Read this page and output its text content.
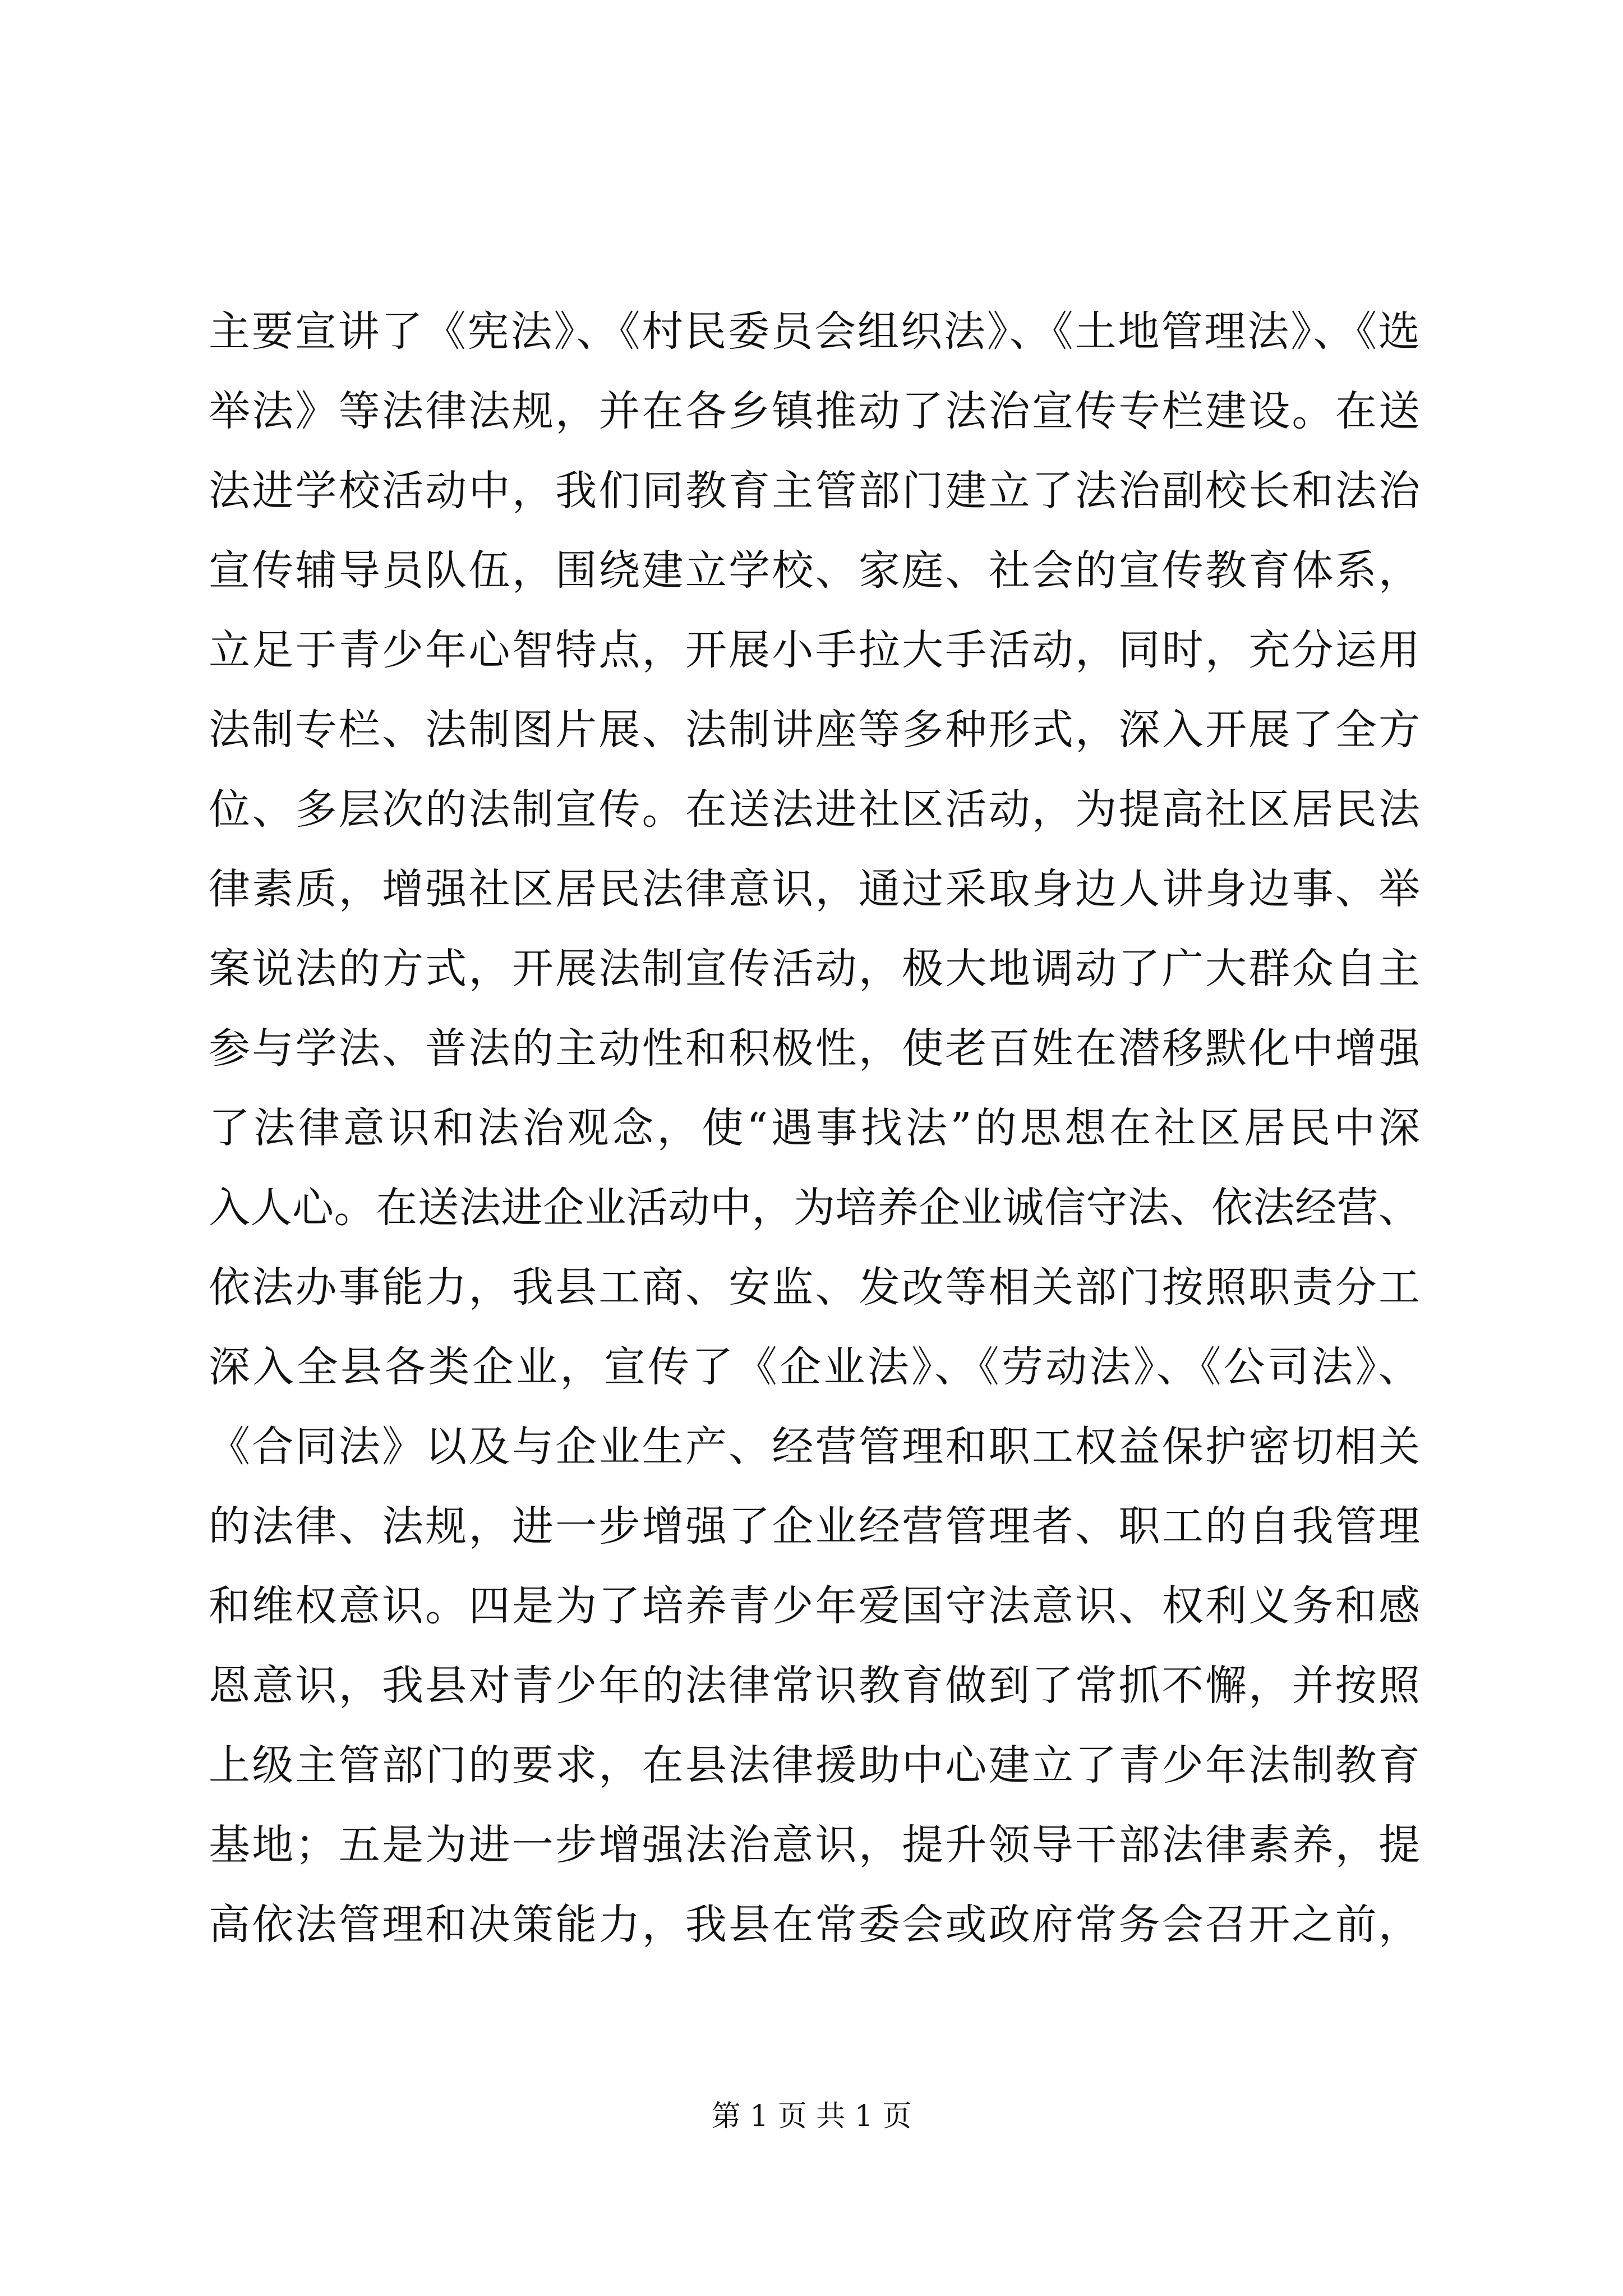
主要宣讲了《宪法》、《村民委员会组织法》、《土地管理法》、《选
举法》等法律法规，并在各乡镇推动了法治宣传专栏建设。在送
法进学校活动中，我们同教育主管部门建立了法治副校长和法治
宣传辅导员队伍，围绕建立学校、家庭、社会的宣传教育体系，
立足于青少年心智特点，开展小手拉大手活动，同时，充分运用
法制专栏、法制图片展、法制讲座等多种形式，深入开展了全方
位、多层次的法制宣传。在送法进社区活动，为提高社区居民法
律素质，增强社区居民法律意识，通过采取身边人讲身边事、举
案说法的方式，开展法制宣传活动，极大地调动了广大群众自主
参与学法、普法的主动性和积极性，使老百姓在潜移默化中增强
了法律意识和法治观念，使“遇事找法”的思想在社区居民中深
入人心。在送法进企业活动中，为培养企业诚信守法、依法经营、
依法办事能力，我县工商、安监、发改等相关部门按照职责分工
深入全县各类企业，宣传了《企业法》、《劳动法》、《公司法》、
《合同法》以及与企业生产、经营管理和职工权益保护密切相关
的法律、法规，进一步增强了企业经营管理者、职工的自我管理
和维权意识。四是为了培养青少年爱国守法意识、权利义务和感
恩意识，我县对青少年的法律常识教育做到了常抓不懈，并按照
上级主管部门的要求，在县法律援助中心建立了青少年法制教育
基地；五是为进一步增强法治意识，提升领导干部法律素养，提
高依法管理和决策能力，我县在常委会或政府常务会召开之前，
第 1 页 共 1 页
